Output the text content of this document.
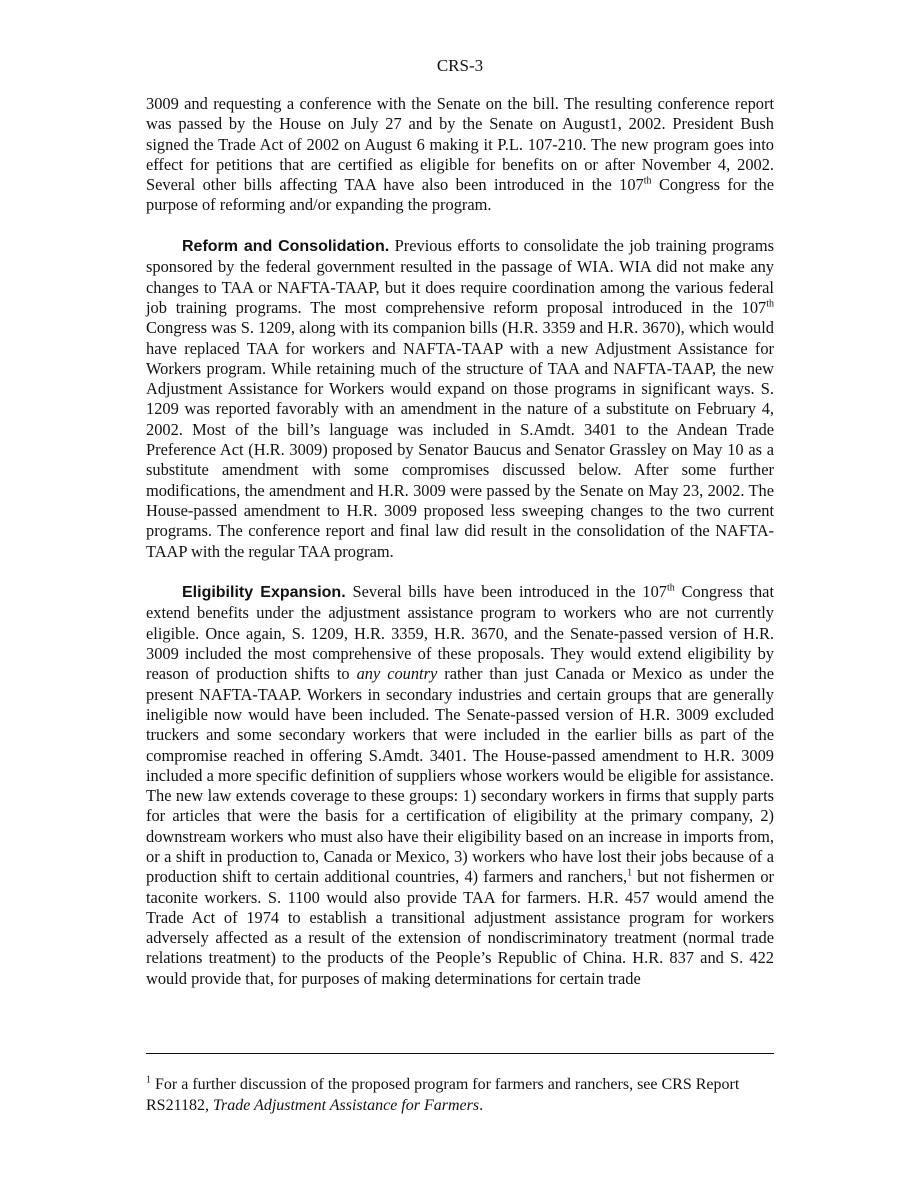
CRS-3

3009 and requesting a conference with the Senate on the bill. The resulting conference report was passed by the House on July 27 and by the Senate on August1, 2002. President Bush signed the Trade Act of 2002 on August 6 making it P.L. 107-210. The new program goes into effect for petitions that are certified as eligible for benefits on or after November 4, 2002. Several other bills affecting TAA have also been introduced in the 107th Congress for the purpose of reforming and/or expanding the program.

Reform and Consolidation. Previous efforts to consolidate the job training programs sponsored by the federal government resulted in the passage of WIA. WIA did not make any changes to TAA or NAFTA-TAAP, but it does require coordination among the various federal job training programs. The most comprehensive reform proposal introduced in the 107th Congress was S. 1209, along with its companion bills (H.R. 3359 and H.R. 3670), which would have replaced TAA for workers and NAFTA-TAAP with a new Adjustment Assistance for Workers program. While retaining much of the structure of TAA and NAFTA-TAAP, the new Adjustment Assistance for Workers would expand on those programs in significant ways. S. 1209 was reported favorably with an amendment in the nature of a substitute on February 4, 2002. Most of the bill’s language was included in S.Amdt. 3401 to the Andean Trade Preference Act (H.R. 3009) proposed by Senator Baucus and Senator Grassley on May 10 as a substitute amendment with some compromises discussed below. After some further modifications, the amendment and H.R. 3009 were passed by the Senate on May 23, 2002. The House-passed amendment to H.R. 3009 proposed less sweeping changes to the two current programs. The conference report and final law did result in the consolidation of the NAFTA-TAAP with the regular TAA program.

Eligibility Expansion. Several bills have been introduced in the 107th Congress that extend benefits under the adjustment assistance program to workers who are not currently eligible. Once again, S. 1209, H.R. 3359, H.R. 3670, and the Senate-passed version of H.R. 3009 included the most comprehensive of these proposals. They would extend eligibility by reason of production shifts to any country rather than just Canada or Mexico as under the present NAFTA-TAAP. Workers in secondary industries and certain groups that are generally ineligible now would have been included. The Senate-passed version of H.R. 3009 excluded truckers and some secondary workers that were included in the earlier bills as part of the compromise reached in offering S.Amdt. 3401. The House-passed amendment to H.R. 3009 included a more specific definition of suppliers whose workers would be eligible for assistance. The new law extends coverage to these groups: 1) secondary workers in firms that supply parts for articles that were the basis for a certification of eligibility at the primary company, 2) downstream workers who must also have their eligibility based on an increase in imports from, or a shift in production to, Canada or Mexico, 3) workers who have lost their jobs because of a production shift to certain additional countries, 4) farmers and ranchers,$^1$ but not fishermen or taconite workers. S. 1100 would also provide TAA for farmers. H.R. 457 would amend the Trade Act of 1974 to establish a transitional adjustment assistance program for workers adversely affected as a result of the extension of nondiscriminatory treatment (normal trade relations treatment) to the products of the People’s Republic of China. H.R. 837 and S. 422 would provide that, for purposes of making determinations for certain trade

$^1$ For a further discussion of the proposed program for farmers and ranchers, see CRS Report RS21182, Trade Adjustment Assistance for Farmers.
